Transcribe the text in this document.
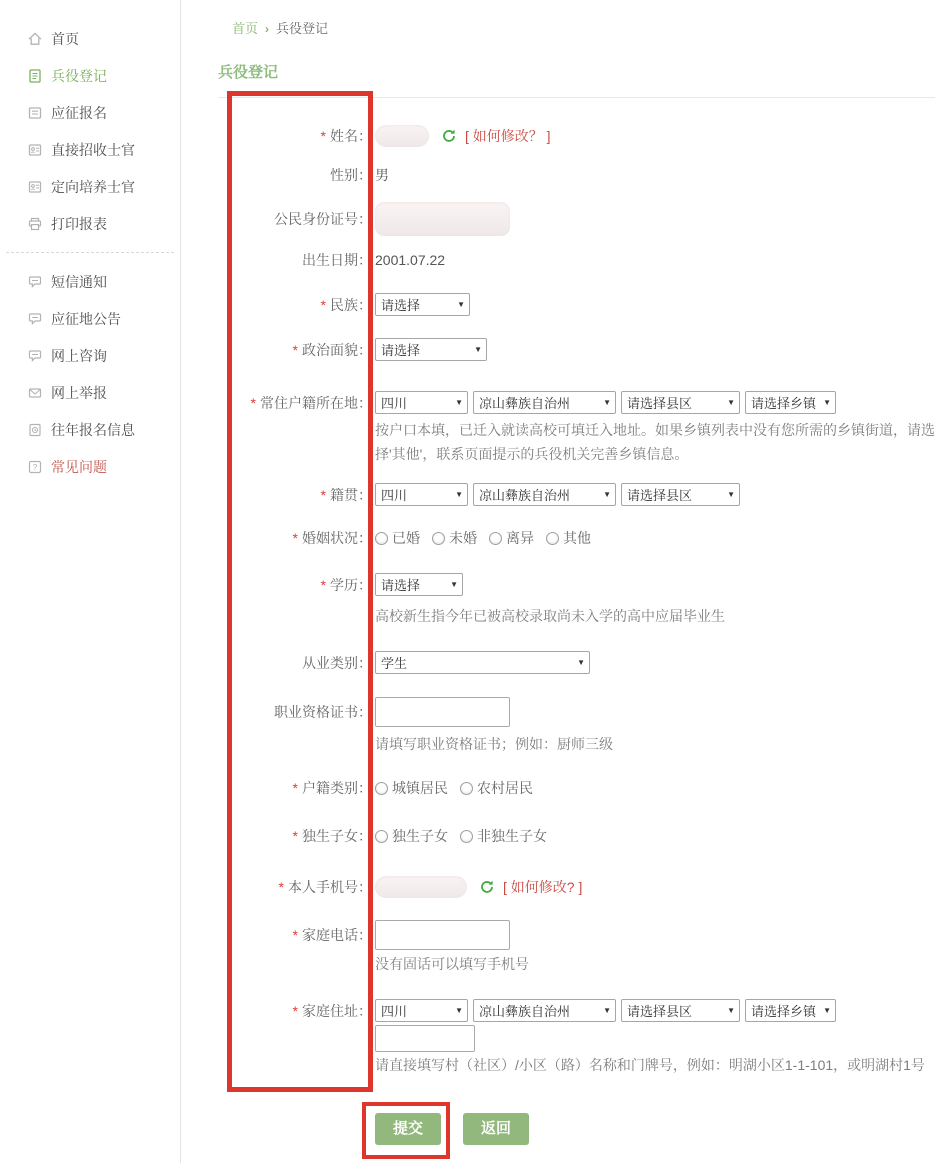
首页
兵役登记
应征报名
直接招收士官
定向培养士官
打印报表
短信通知
应征地公告
网上咨询
网上举报
往年报名信息
? 常见问题
首页 › 兵役登记
兵役登记
* 姓名：	[ 如何修改？ ]
性别： 男
公民身份证号：
出生日期： 2001.07.22
* 民族： 请选择	▼
* 政治面貌： 请选择	▼
* 常住户籍所在地： 四川	▼ 凉山彝族自治州	▼ 请选择县区	▼ 请选择乡镇 ▼
按户口本填，已迁入就读高校可填迁入地址。如果乡镇列表中没有您所需的乡镇街道，请选择'其他'，联系页面提示的兵役机关完善乡镇信息。
* 籍贯： 四川	▼ 凉山彝族自治州	▼ 请选择县区	▼
* 婚姻状况： 已婚 未婚 离异 其他
* 学历： 请选择	▼
高校新生指今年已被高校录取尚未入学的高中应届毕业生
从业类别： 学生	▼
职业资格证书：
请填写职业资格证书；例如：厨师三级
* 户籍类别： 城镇居民 农村居民
* 独生子女： 独生子女 非独生子女
* 本人手机号：	[ 如何修改? ]
* 家庭电话：
没有固话可以填写手机号
* 家庭住址： 四川	▼ 凉山彝族自治州	▼ 请选择县区	▼ 请选择乡镇 ▼
请直接填写村（社区）/小区（路）名称和门牌号，例如：明湖小区1-1-101，或明湖村1号
提交	返回
